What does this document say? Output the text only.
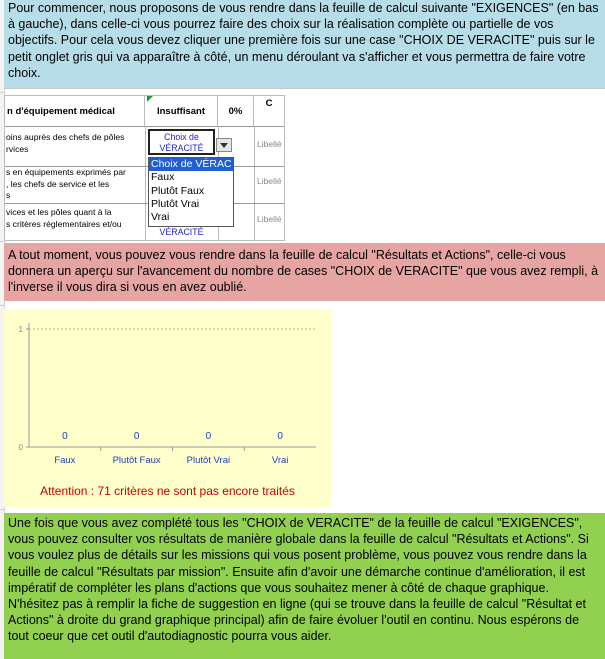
Pour commencer, nous proposons de vous rendre dans la feuille de calcul suivante "EXIGENCES" (en bas à gauche), dans celle-ci vous pourrez faire des choix sur la réalisation complète ou partielle de vos objectifs. Pour cela vous devez cliquer une première fois sur une case "CHOIX DE VERACITE" puis sur le petit onglet gris qui va apparaître à côté, un menu déroulant va s'afficher et vous permettra de faire votre choix.
n d'équipement médical	Insuffisant	0%
C
oins auprès des chefs de pôles
rvices
s en équipements exprimés par
, les chefs de service et les
s
vices et les pôles quant à la
s critères réglementaires et/ou
Libellé
Libellé
Libellé
Choix de
VÉRACITÉ
Choix de VÉRAC
Faux
Plutôt Faux
Plutôt Vrai
Vrai
VÉRACITÉ
A tout moment, vous pouvez vous rendre dans la feuille de calcul "Résultats et Actions", celle-ci vous donnera un aperçu sur l'avancement du nombre de cases "CHOIX de VERACITE" que vous avez rempli, à l'inverse il vous dira si vous en avez oublié.
1
0
0
Faux
0
Plutôt Faux
0
Plutôt Vrai
0
Vrai
Attention : 71 critères ne sont pas encore traités
Une fois que vous avez complété tous les "CHOIX de VERACITE" de la feuille de calcul "EXIGENCES", vous pouvez consulter vos résultats de manière globale dans la feuille de calcul "Résultats et Actions". Si vous voulez plus de détails sur les missions qui vous posent problème, vous pouvez vous rendre dans la feuille de calcul "Résultats par mission". Ensuite afin d'avoir une démarche continue d'amélioration, il est impératif de compléter les plans d'actions que vous souhaitez mener à côté de chaque graphique. N'hésitez pas à remplir la fiche de suggestion en ligne (qui se trouve dans la feuille de calcul "Résultat et Actions" à droite du grand graphique principal) afin de faire évoluer l'outil en continu. Nous espérons de tout coeur que cet outil d'autodiagnostic pourra vous aider.
